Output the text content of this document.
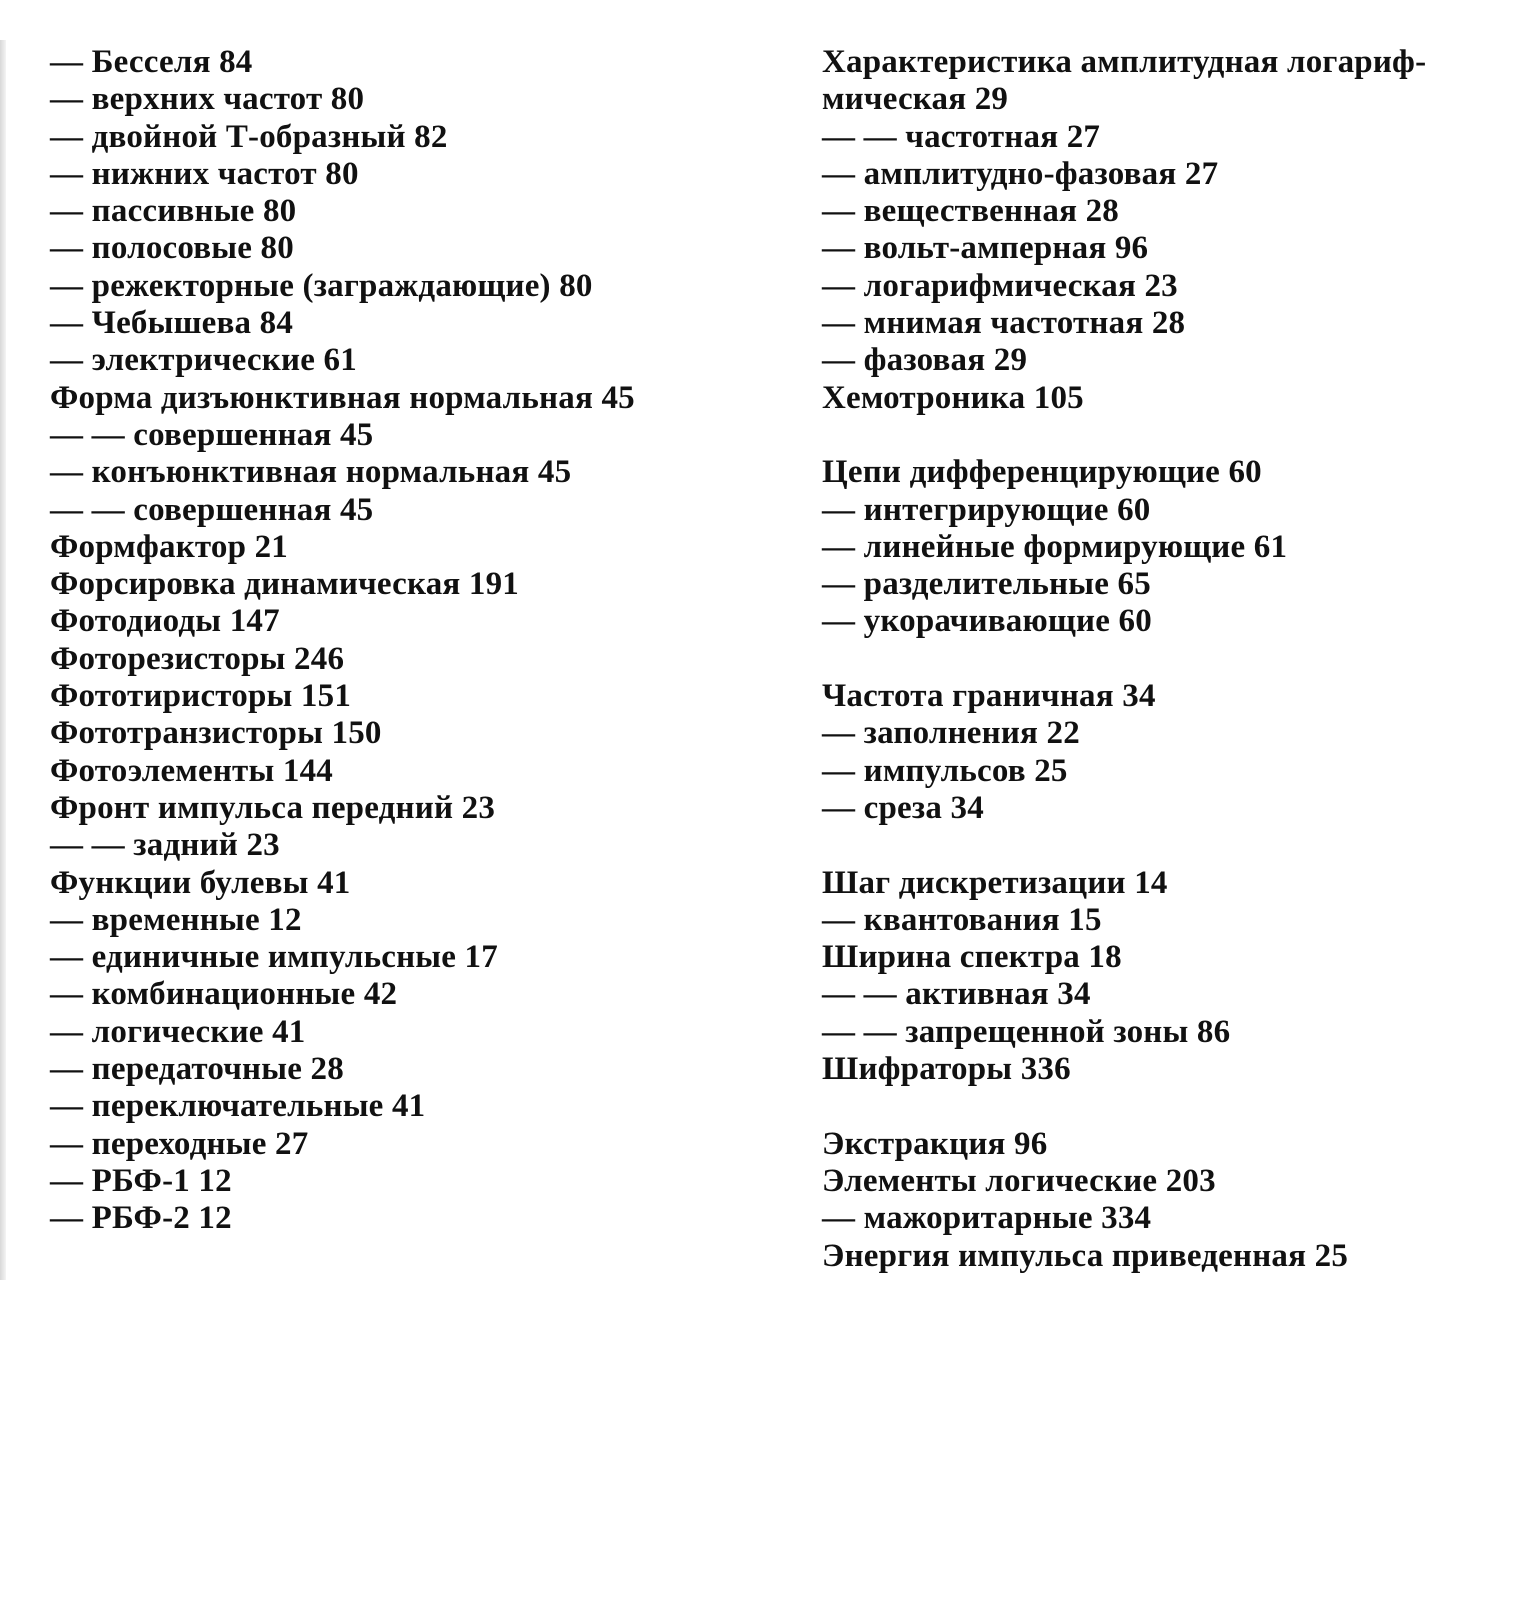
— Бесселя 84
— верхних частот 80
— двойной Т-образный 82
— нижних частот 80
— пассивные 80
— полосовые 80
— режекторные (заграждающие) 80
— Чебышева 84
— электрические 61
Форма дизъюнктивная нормальная 45
— — совершенная 45
— конъюнктивная нормальная 45
— — совершенная 45
Формфактор 21
Форсировка динамическая 191
Фотодиоды 147
Фоторезисторы 246
Фототиристоры 151
Фототранзисторы 150
Фотоэлементы 144
Фронт импульса передний 23
— — задний 23
Функции булевы 41
— временные 12
— единичные импульсные 17
— комбинационные 42
— логические 41
— передаточные 28
— переключательные 41
— переходные 27
— РБФ-1 12
— РБФ-2 12
Характеристика амплитудная логариф-
мическая 29
— — частотная 27
— амплитудно-фазовая 27
— вещественная 28
— вольт-амперная 96
— логарифмическая 23
— мнимая частотная 28
— фазовая 29
Хемотроника 105
Цепи дифференцирующие 60
— интегрирующие 60
— линейные формирующие 61
— разделительные 65
— укорачивающие 60
Частота граничная 34
— заполнения 22
— импульсов 25
— среза 34
Шаг дискретизации 14
— квантования 15
Ширина спектра 18
— — активная 34
— — запрещенной зоны 86
Шифраторы 336
Экстракция 96
Элементы логические 203
— мажоритарные 334
Энергия импульса приведенная 25
